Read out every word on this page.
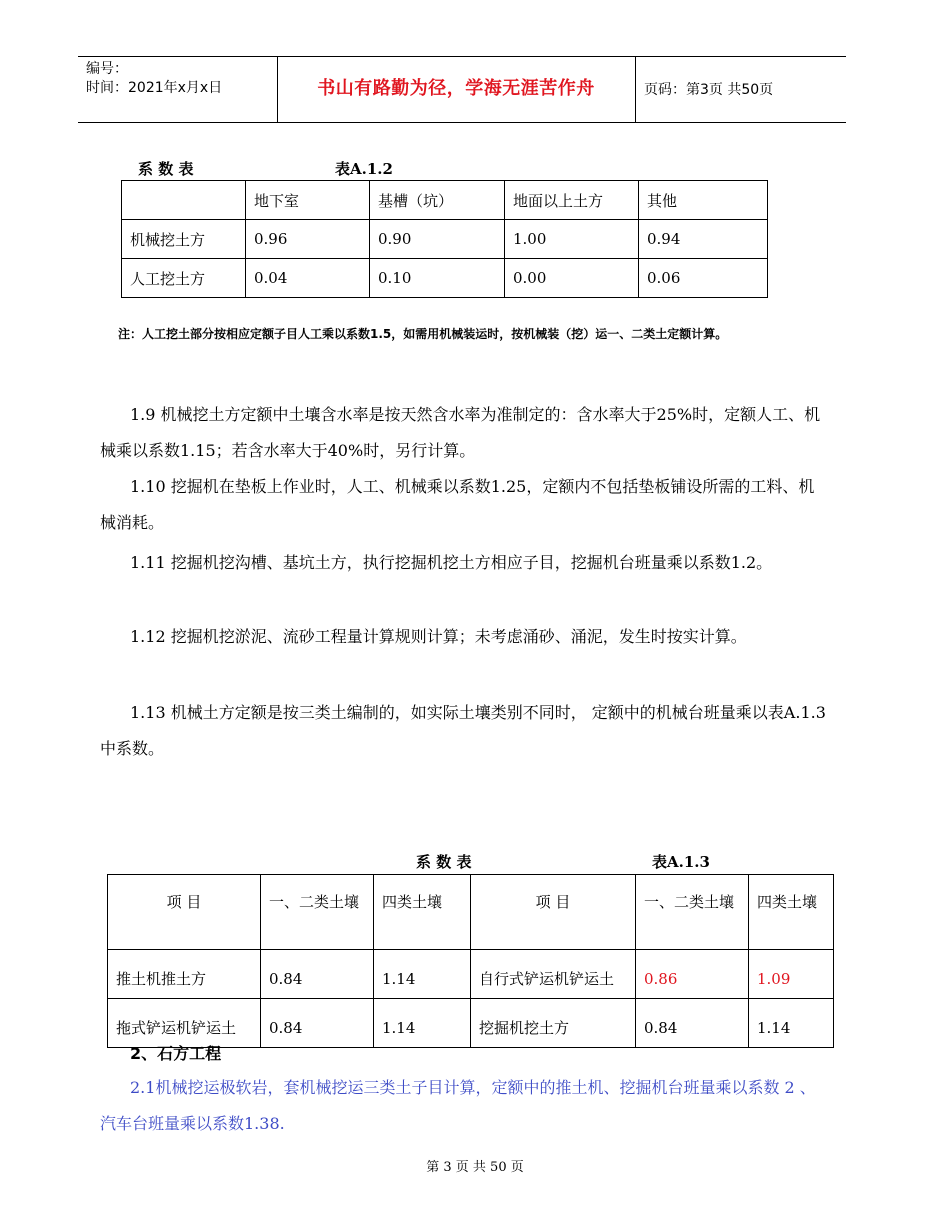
编号：
时间：2021年x月x日	书山有路勤为径，学海无涯苦作舟	页码：第3页 共50页
系 数 表	表A.1.2
	地下室	基槽（坑）	地面以上土方	其他
机械挖土方	0.96	0.90	1.00	0.94
人工挖土方	0.04	0.10	0.00	0.06
注：人工挖土部分按相应定额子目人工乘以系数1.5，如需用机械装运时，按机械装（挖）运一、二类土定额计算。

1.9 机械挖土方定额中土壤含水率是按天然含水率为准制定的：含水率大于25%时，定额人工、机械乘以系数1.15；若含水率大于40%时，另行计算。

1.10 挖掘机在垫板上作业时，人工、机械乘以系数1.25，定额内不包括垫板铺设所需的工料、机械消耗。

1.11 挖掘机挖沟槽、基坑土方，执行挖掘机挖土方相应子目，挖掘机台班量乘以系数1.2。

1.12 挖掘机挖淤泥、流砂工程量计算规则计算；未考虑涌砂、涌泥，发生时按实计算。

1.13 机械土方定额是按三类土编制的，如实际土壤类别不同时， 定额中的机械台班量乘以表A.1.3中系数。

系 数 表	表A.1.3
项 目	一、二类土壤	四类土壤	项 目	一、二类土壤	四类土壤
推土机推土方	0.84	1.14	自行式铲运机铲运土	0.86	1.09
拖式铲运机铲运土	0.84	1.14	挖掘机挖土方	0.84	1.14
2、石方工程

2.1机械挖运极软岩，套机械挖运三类土子目计算，定额中的推土机、挖掘机台班量乘以系数 2 、汽车台班量乘以系数1.38.

第 3 页 共 50 页
